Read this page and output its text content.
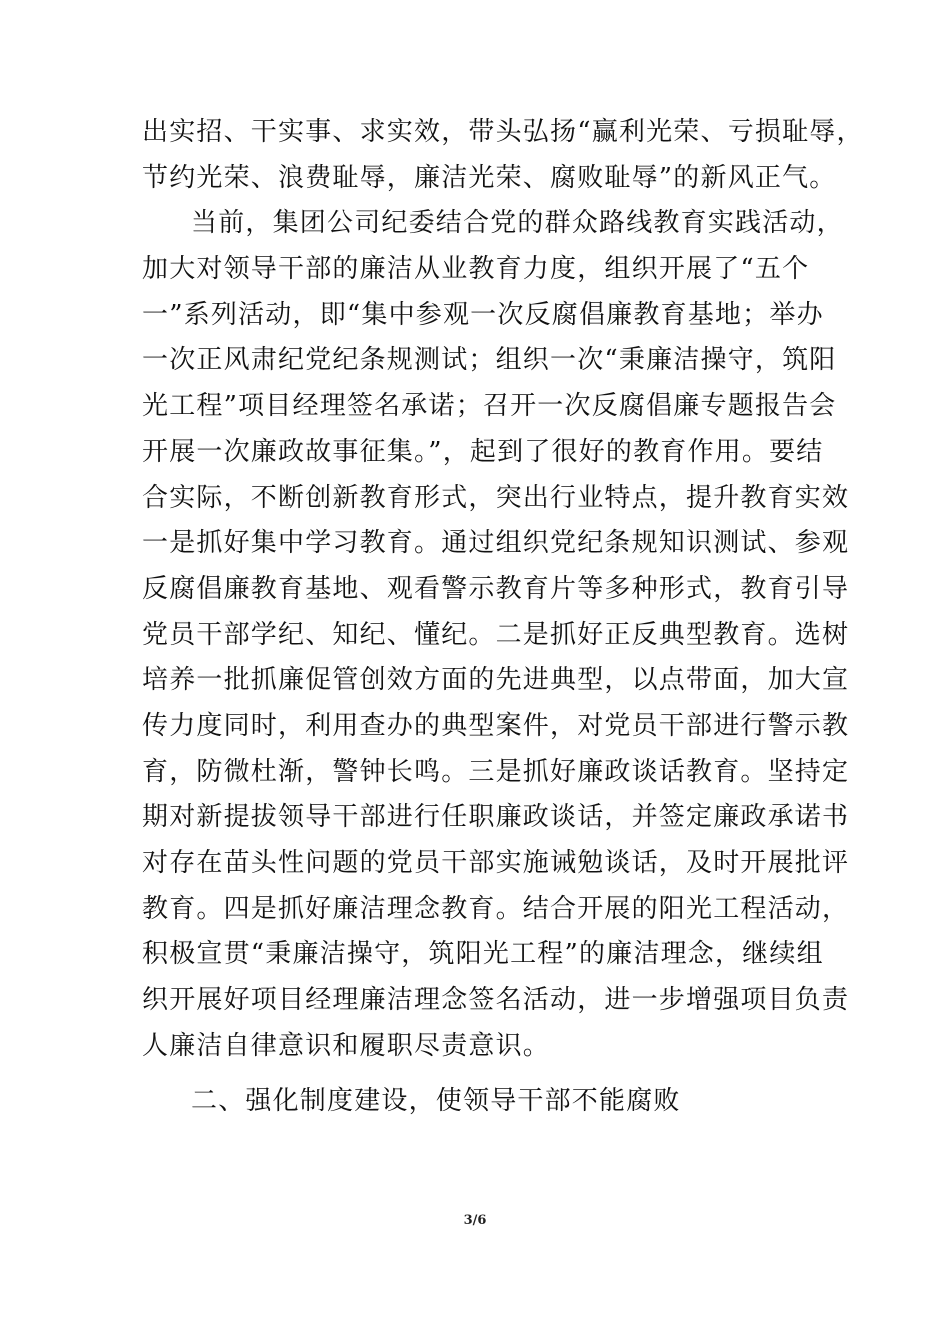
出实招、干实事、求实效，带头弘扬“赢利光荣、亏损耻辱，
节约光荣、浪费耻辱，廉洁光荣、腐败耻辱”的新风正气。
当前，集团公司纪委结合党的群众路线教育实践活动，
加大对领导干部的廉洁从业教育力度，组织开展了“五个
一”系列活动，即“集中参观一次反腐倡廉教育基地；举办
一次正风肃纪党纪条规测试；组织一次“秉廉洁操守，筑阳
光工程”项目经理签名承诺；召开一次反腐倡廉专题报告会
开展一次廉政故事征集。”，起到了很好的教育作用。要结
合实际，不断创新教育形式，突出行业特点，提升教育实效
一是抓好集中学习教育。通过组织党纪条规知识测试、参观
反腐倡廉教育基地、观看警示教育片等多种形式，教育引导
党员干部学纪、知纪、懂纪。二是抓好正反典型教育。选树
培养一批抓廉促管创效方面的先进典型，以点带面，加大宣
传力度同时，利用查办的典型案件，对党员干部进行警示教
育，防微杜渐，警钟长鸣。三是抓好廉政谈话教育。坚持定
期对新提拔领导干部进行任职廉政谈话，并签定廉政承诺书
对存在苗头性问题的党员干部实施诫勉谈话，及时开展批评
教育。四是抓好廉洁理念教育。结合开展的阳光工程活动，
积极宣贯“秉廉洁操守，筑阳光工程”的廉洁理念，继续组
织开展好项目经理廉洁理念签名活动，进一步增强项目负责
人廉洁自律意识和履职尽责意识。
二、强化制度建设，使领导干部不能腐败
3/6
